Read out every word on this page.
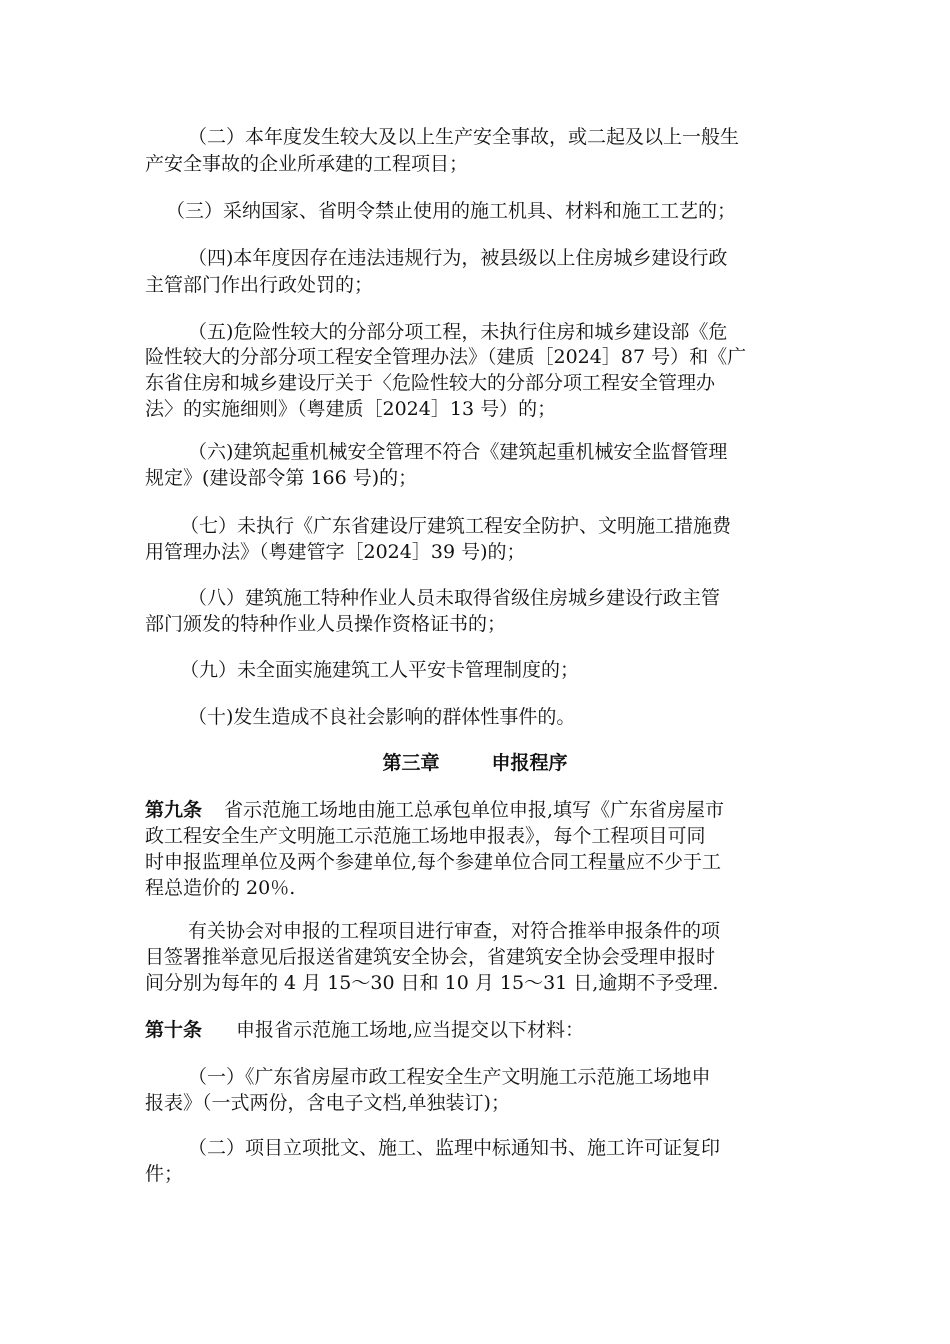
（二）本年度发生较大及以上生产安全事故，或二起及以上一般生
产安全事故的企业所承建的工程项目；
（三）采纳国家、省明令禁止使用的施工机具、材料和施工工艺的；
（四)本年度因存在违法违规行为，被县级以上住房城乡建设行政
主管部门作出行政处罚的；
（五)危险性较大的分部分项工程，未执行住房和城乡建设部《危
险性较大的分部分项工程安全管理办法》（建质［2024］87 号）和《广
东省住房和城乡建设厅关于〈危险性较大的分部分项工程安全管理办
法〉的实施细则》（粤建质［2024］13 号）的；
（六)建筑起重机械安全管理不符合《建筑起重机械安全监督管理
规定》(建设部令第 166 号)的；
（七）未执行《广东省建设厅建筑工程安全防护、文明施工措施费
用管理办法》（粤建管字［2024］39 号)的；
（八）建筑施工特种作业人员未取得省级住房城乡建设行政主管
部门颁发的特种作业人员操作资格证书的；
（九）未全面实施建筑工人平安卡管理制度的；
（十)发生造成不良社会影响的群体性事件的。
第三章	申报程序
第九条 省示范施工场地由施工总承包单位申报,填写《广东省房屋市
政工程安全生产文明施工示范施工场地申报表》，每个工程项目可同
时申报监理单位及两个参建单位,每个参建单位合同工程量应不少于工
程总造价的 20％.
有关协会对申报的工程项目进行审查，对符合推举申报条件的项
目签署推举意见后报送省建筑安全协会，省建筑安全协会受理申报时
间分别为每年的 4 月 15～30 日和 10 月 15～31 日,逾期不予受理.
第十条 申报省示范施工场地,应当提交以下材料：
（一）《广东省房屋市政工程安全生产文明施工示范施工场地申
报表》（一式两份，含电子文档,单独装订)；
（二）项目立项批文、施工、监理中标通知书、施工许可证复印
件；
